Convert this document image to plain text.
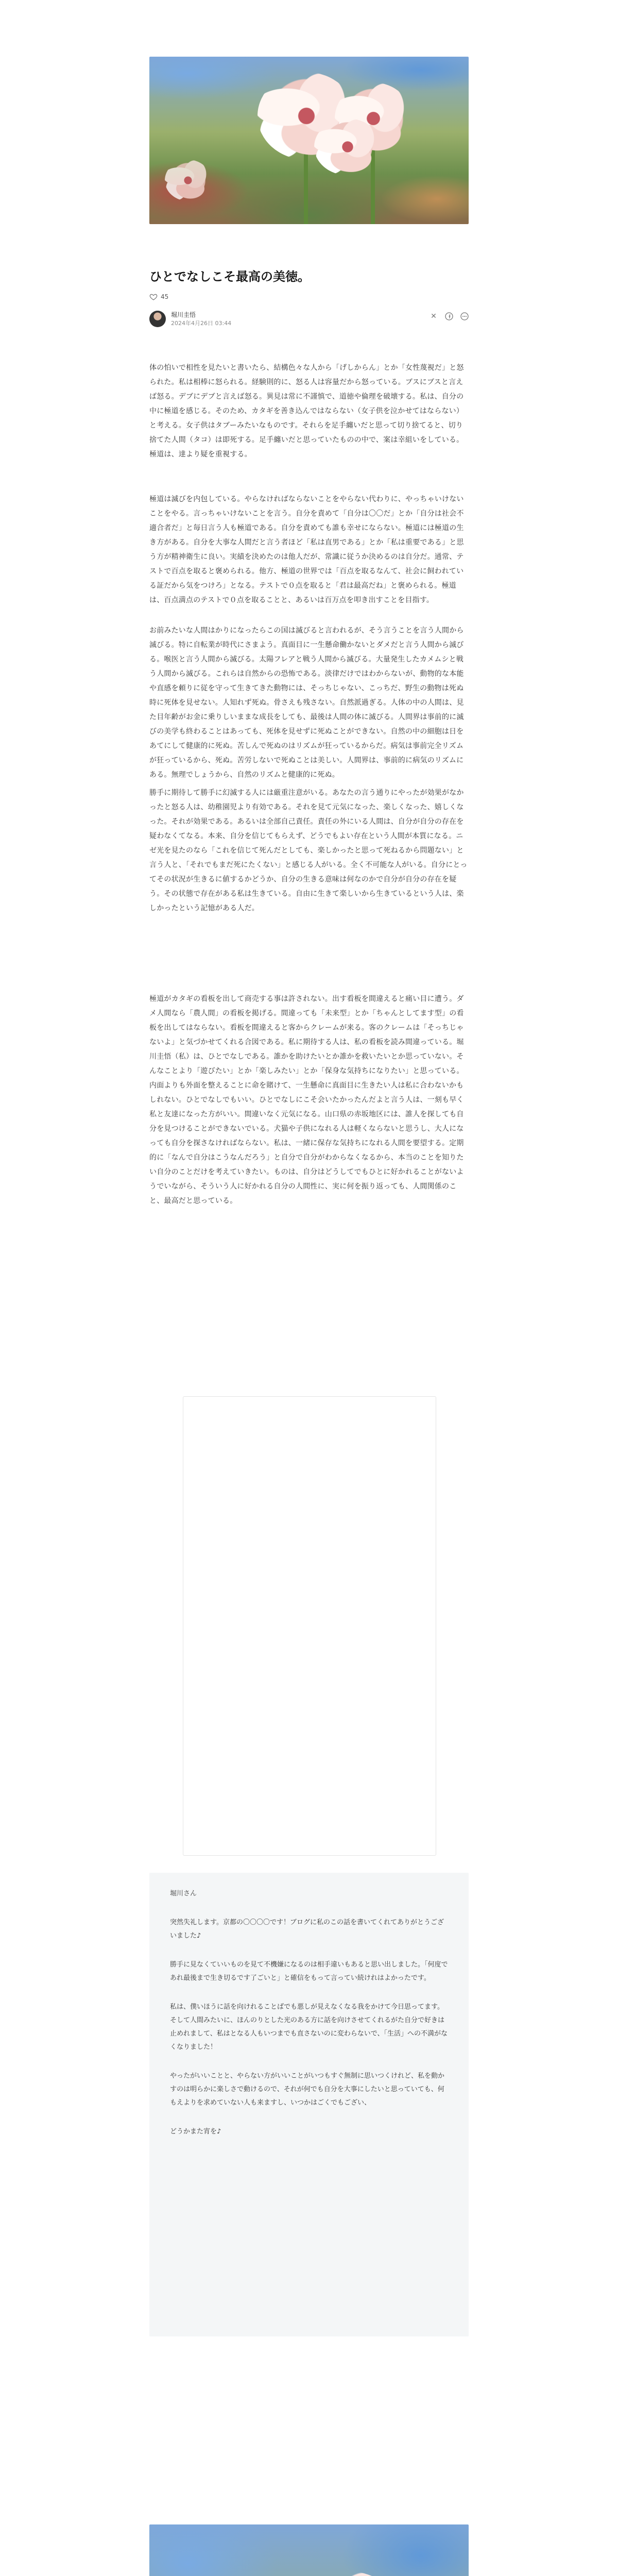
ひとでなしこそ最高の美徳。
45
堀川圭悟
2024年4月26日 03:44
✕

体の怕いで相性を見たいと書いたら、結構色々な人から「げしからん」とか「女性蔑視だ」と怒られた。私は相棒に怒られる。経験則的に、怒る人は容量だから怒っている。ブスにブスと言えば怒る。デブにデブと言えば怒る。異見は常に不謹慎で、道徳や倫理を破壊する。私は、自分の中に極道を感じる。そのため、カタギを善き込んではならない（女子供を泣かせてはならない）と考える。女子供はタブーみたいなものです。それらを足手纏いだと思って切り捨てると、切り捨てた人間（タコ）は即死する。足手纏いだと思っていたものの中で、案は幸組いをしている。極道は、達より疑を重視する。

極道は滅びを内包している。やらなければならないことをやらない代わりに、やっちゃいけないことをやる。言っちゃいけないことを言う。自分を責めて「自分は〇〇だ」とか「自分は社会不適合者だ」と毎日言う人も極道である。自分を責めても誰も幸せにならない。極道には極道の生き方がある。自分を大事な人間だと言う者ほど「私は直男である」とか「私は重要である」と思う方が精神衛生に良い。実績を決めたのは他人だが、常識に従うか決めるのは自分だ。通常、テストで百点を取ると褒められる。他方、極道の世界では「百点を取るなんて、社会に飼われている証だから気をつけろ」となる。テストで０点を取ると「君は最高だね」と褒められる。極道は、百点満点のテストで０点を取ることと、あるいは百万点を叩き出すことを目指す。

お前みたいな人間はかりになったらこの国は滅びると言われるが、そう言うことを言う人間から滅びる。特に自転業が時代にさまよう。真面目に一生懸命働かないとダメだと言う人間から滅びる。喉医と言う人間から滅びる。太陽フレアと戦う人間から滅びる。大量発生したカメムシと戦う人間から滅びる。これらは自然からの恐怖である。淡律だけではわからないが、動物的な本能や直感を頼りに従を守って生きてきた動物には、そっちじゃない、こっちだ、野生の動物は死ぬ時に死体を見せない。人知れず死ぬ。骨さえも残さない。自然派過ぎる。人体の中の人間は、見た目年齢がお金に乗りしいままな成長をしても、最後は人間の体に滅びる。人間界は事前的に滅びの美学も終わることはあっても、死体を見せずに死ぬことができない。自然の中の細胞は日をあてにして健康的に死ぬ。苦しんで死ぬのはリズムが狂っているからだ。病気は事前完全リズムが狂っているから、死ぬ。苦労しないで死ぬことは美しい。人間界は、事前的に病気のリズムにある。無理でしょうから、自然のリズムと健康的に死ぬ。

勝手に期待して勝手に幻滅する人には厳重注意がいる。あなたの言う通りにやったが効果がなかったと怒る人は、幼稚園児より有効である。それを見て元気になった、楽しくなった、嬉しくなった。それが効果である。あるいは全部自己責任。責任の外にいる人間は、自分が自分の存在を疑わなくてなる。本来、自分を信じてもらえず、どうでもよい存在という人間が本質になる。ニゼ光を見たのなら「これを信じて死んだとしても、楽しかったと思って死ねるから問題ない」と言う人と、「それでもまだ死にたくない」と感じる人がいる。全く不可能な人がいる。自分にとってその状況が生きるに値するかどうか、自分の生きる意味は何なのかで自分が自分の存在を疑う。その状態で存在がある私は生きている。自由に生きて楽しいから生きているという人は、楽しかったという記憶がある人だ。

極道がカタギの看板を出して商売する事は許されない。出す看板を間違えると痛い目に遭う。ダメ人間なら「農人間」の看板を掲げる。間違っても「未来型」とか「ちゃんとしてます型」の看板を出してはならない。看板を間違えると客からクレームが来る。客のクレームは「そっちじゃないよ」と気づかせてくれる合図である。私に期待する人は、私の看板を読み間違っている。堀川圭悟（私）は、ひとでなしである。誰かを助けたいとか誰かを救いたいとか思っていない。そんなことより「遊びたい」とか「楽しみたい」とか「保身な気持ちになりたい」と思っている。内面よりも外面を整えることに命を賭けて、一生懸命に真面目に生きたい人は私に合わないかもしれない。ひとでなしでもいい。ひとでなしにこそ会いたかったんだよと言う人は、一刻も早く私と友達になった方がいい。間違いなく元気になる。山口県の赤坂地区には、誰人を探しても自分を見つけることができないでいる。犬猫や子供になれる人は軽くならないと思うし、大人になっても自分を探さなければならない。私は、一緒に保存な気持ちになれる人間を要望する。定期的に「なんで自分はこうなんだろう」と自分で自分がわからなくなるから、本当のことを知りたい自分のことだけを考えていきたい。ものは、自分はどうしてでもひとに好かれることがないようでいながら、そういう人に好かれる自分の人間性に、実に何を振り返っても、人間関係のこと、最高だと思っている。

堀川さん

突然失礼します。京都の〇〇〇〇です！ブログに私のこの話を書いてくれてありがとうございました♪

勝手に見なくていいものを見て不機嫌になるのは相手違いもあると思い出しました。「何度であれ最後まで生き切るです了ごいと」と確信をもって言ってい続けれはよかったです。

私は、僕いほうに話を向けれることばでも悪しが見えなくなる我をかけて今日思ってます。そして人間みたいに、ほんのりとした光のある方に話を向けさせてくれるがた自分で好きは止めれまして、私はとなる人もいつまでも直さないのに変わらないで、「生活」への不満がなくなりました！

やったがいいことと、やらない方がいいことがいつもすぐ無制に思いつくけれど、私を動かすのは明らかに楽しさで動けるので、それが何でも自分を大事にしたいと思っていても、何もえよりを求めていない人も来ますし、いつかはごくでもござい、

どうかまた宵を♪
